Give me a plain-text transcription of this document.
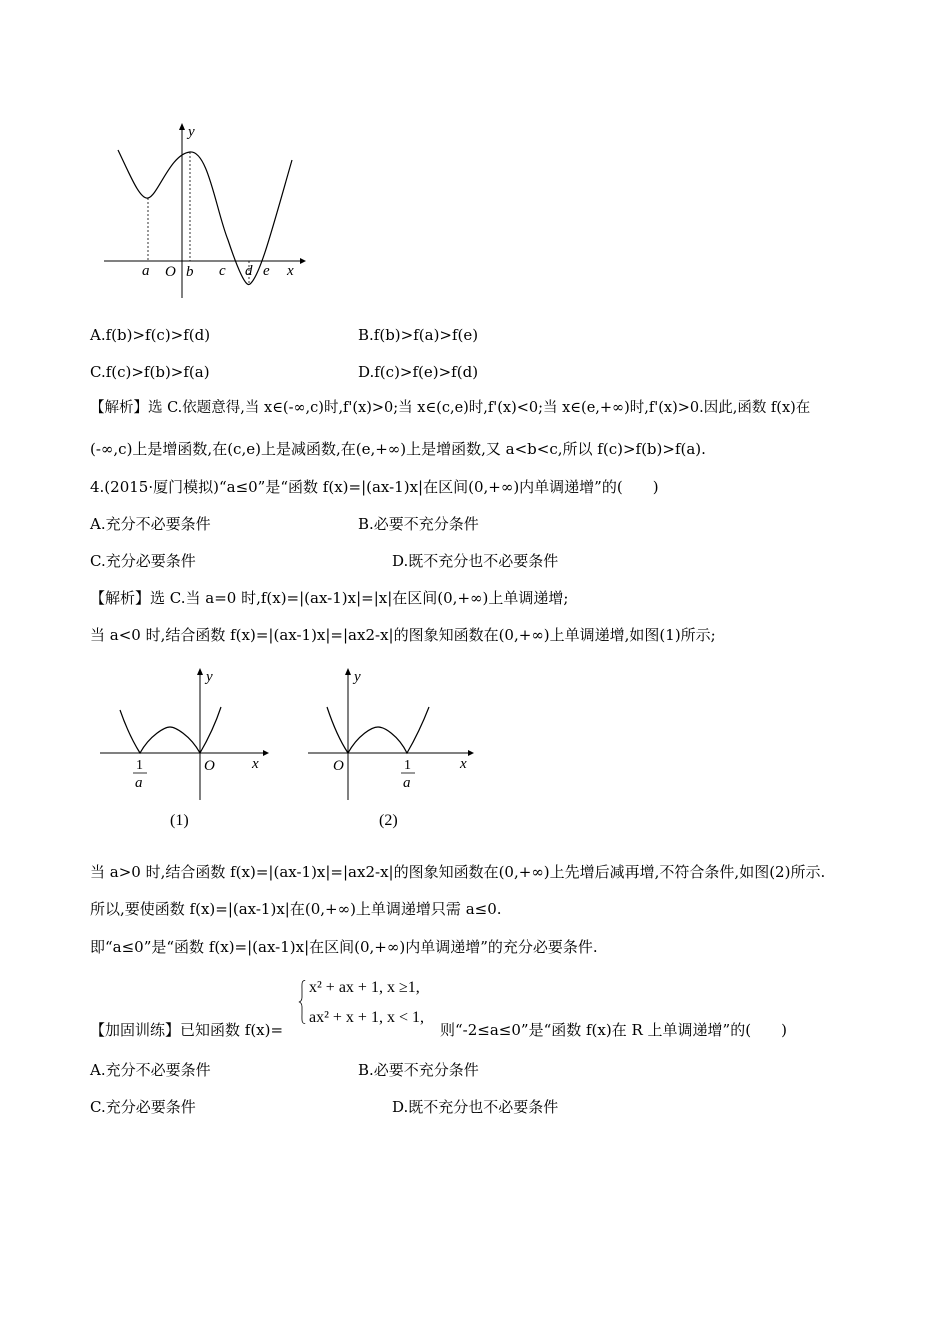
y
x
a O b c d e
A.f(b)>f(c)>f(d)	B.f(b)>f(a)>f(e)
C.f(c)>f(b)>f(a)	D.f(c)>f(e)>f(d)
【解析】选 C.依题意得,当 x∈(-∞,c)时,f'(x)>0;当 x∈(c,e)时,f'(x)<0;当 x∈(e,+∞)时,f'(x)>0.因此,函数 f(x)在
(-∞,c)上是增函数,在(c,e)上是减函数,在(e,+∞)上是增函数,又 a<b<c,所以 f(c)>f(b)>f(a).
4.(2015·厦门模拟)“a≤0”是“函数 f(x)=|(ax-1)x|在区间(0,+∞)内单调递增”的(　　)
A.充分不必要条件	B.必要不充分条件
C.充分必要条件	D.既不充分也不必要条件
【解析】选 C.当 a=0 时,f(x)=|(ax-1)x|=|x|在区间(0,+∞)上单调递增;
当 a<0 时,结合函数 f(x)=|(ax-1)x|=|ax2-x|的图象知函数在(0,+∞)上单调递增,如图(1)所示;
y
x
O
1
a
(1)
y
x
O	1
a
(2)
当 a>0 时,结合函数 f(x)=|(ax-1)x|=|ax2-x|的图象知函数在(0,+∞)上先增后减再增,不符合条件,如图(2)所示.
所以,要使函数 f(x)=|(ax-1)x|在(0,+∞)上单调递增只需 a≤0.
即“a≤0”是“函数 f(x)=|(ax-1)x|在区间(0,+∞)内单调递增”的充分必要条件.
【加固训练】已知函数 f(x)=
x² + ax + 1, x ≥1,
ax² + x + 1, x < 1,
则“-2≤a≤0”是“函数 f(x)在 R 上单调递增”的(　　)
A.充分不必要条件	B.必要不充分条件
C.充分必要条件	D.既不充分也不必要条件
